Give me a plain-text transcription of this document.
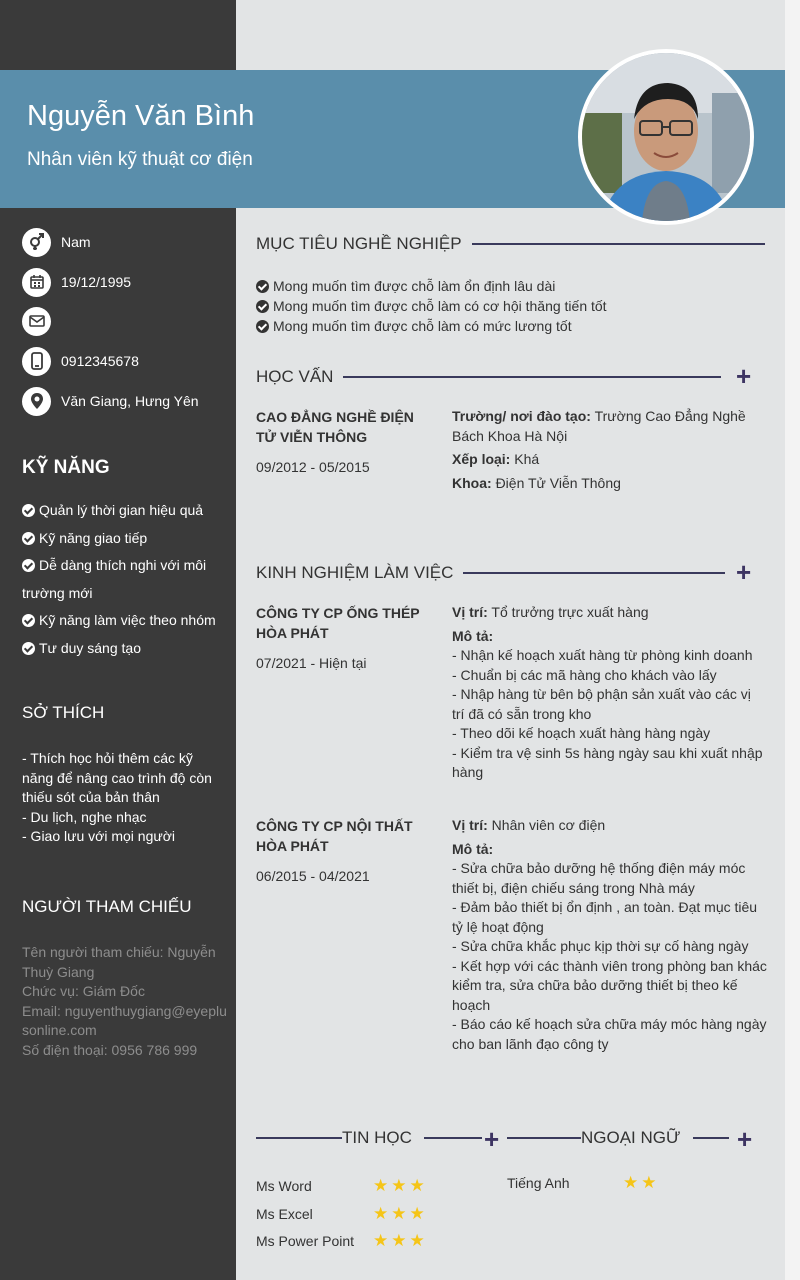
Nguyễn Văn Bình
Nhân viên kỹ thuật cơ điện
Nam
19/12/1995
0912345678
Văn Giang, Hưng Yên
KỸ NĂNG
Quản lý thời gian hiệu quả
Kỹ năng giao tiếp
Dễ dàng thích nghi với môi trường mới
Kỹ năng làm việc theo nhóm
Tư duy sáng tạo
SỞ THÍCH
- Thích học hỏi thêm các kỹ năng để nâng cao trình độ còn thiếu sót của bản thân
- Du lịch, nghe nhạc
- Giao lưu với mọi người
NGƯỜI THAM CHIẾU
Tên người tham chiếu: Nguyễn Thuỳ Giang
Chức vụ: Giám Đốc
Email: nguyenthuygiang@eyeplusonline.com
Số điện thoại: 0956 786 999
MỤC TIÊU NGHỀ NGHIỆP
Mong muốn tìm được chỗ làm ổn định lâu dài
Mong muốn tìm được chỗ làm có cơ hội thăng tiến tốt
Mong muốn tìm được chỗ làm có mức lương tốt
HỌC VẤN	+
CAO ĐẲNG NGHỀ ĐIỆN TỬ VIỄN THÔNG
09/2012 - 05/2015
Trường/ nơi đào tạo: Trường Cao Đẳng Nghề Bách Khoa Hà Nội
Xếp loại: Khá
Khoa: Điện Tử Viễn Thông
KINH NGHIỆM LÀM VIỆC	+
CÔNG TY CP ỐNG THÉP HÒA PHÁT
07/2021 - Hiện tại
Vị trí: Tổ trưởng trực xuất hàng
Mô tả:
- Nhận kế hoạch xuất hàng từ phòng kinh doanh
- Chuẩn bị các mã hàng cho khách vào lấy
- Nhập hàng từ bên bộ phận sản xuất vào các vị trí đã có sẵn trong kho
- Theo dõi kế hoạch xuất hàng hàng ngày
- Kiểm tra vệ sinh 5s hàng ngày sau khi xuất nhập hàng
CÔNG TY CP NỘI THẤT HÒA PHÁT
06/2015 - 04/2021
Vị trí: Nhân viên cơ điện
Mô tả:
- Sửa chữa bảo dưỡng hệ thống điện máy móc thiết bị, điện chiếu sáng trong Nhà máy
- Đảm bảo thiết bị ổn định , an toàn. Đạt mục tiêu tỷ lệ hoạt động
- Sửa chữa khắc phục kịp thời sự cố hàng ngày
- Kết hợp với các thành viên trong phòng ban khác kiểm tra, sửa chữa bảo dưỡng thiết bị theo kế hoạch
- Báo cáo kế hoạch sửa chữa máy móc hàng ngày cho ban lãnh đạo công ty
TIN HỌC	+
Ms Word	★ ★ ★
Ms Excel	★ ★ ★
Ms Power Point	★ ★ ★
NGOẠI NGỮ +
Tiếng Anh	★ ★
